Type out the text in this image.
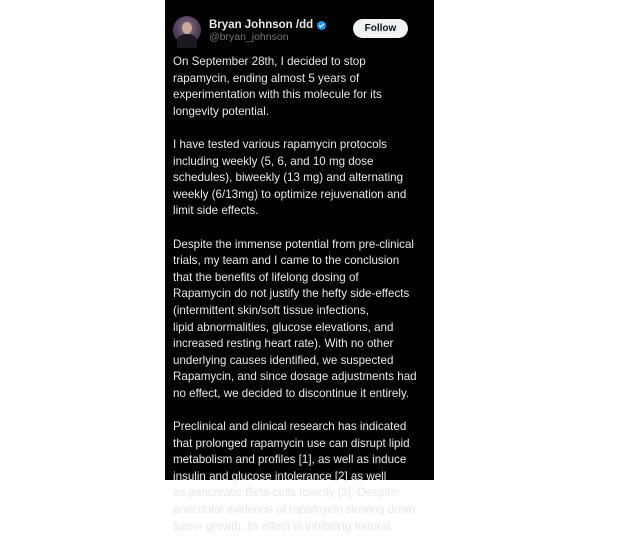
Bryan Johnson /dd
@bryan_johnson
Follow
On September 28th, I decided to stop
rapamycin, ending almost 5 years of
experimentation with this molecule for its
longevity potential.
I have tested various rapamycin protocols
including weekly (5, 6, and 10 mg dose
schedules), biweekly (13 mg) and alternating
weekly (6/13mg) to optimize rejuvenation and
limit side effects.
Despite the immense potential from pre-clinical
trials, my team and I came to the conclusion
that the benefits of lifelong dosing of
Rapamycin do not justify the hefty side-effects
(intermittent skin/soft tissue infections,
lipid abnormalities, glucose elevations, and
increased resting heart rate). With no other
underlying causes identified, we suspected
Rapamycin, and since dosage adjustments had
no effect, we decided to discontinue it entirely.
Preclinical and clinical research has indicated
that prolonged rapamycin use can disrupt lipid
metabolism and profiles [1], as well as induce
insulin and glucose intolerance [2] as well
as pancreatic Beta-cells toxicity [3]. Despite
anecdotal evidence of rapamycin slowing down
tumor growth, its effect in inhibiting natural
